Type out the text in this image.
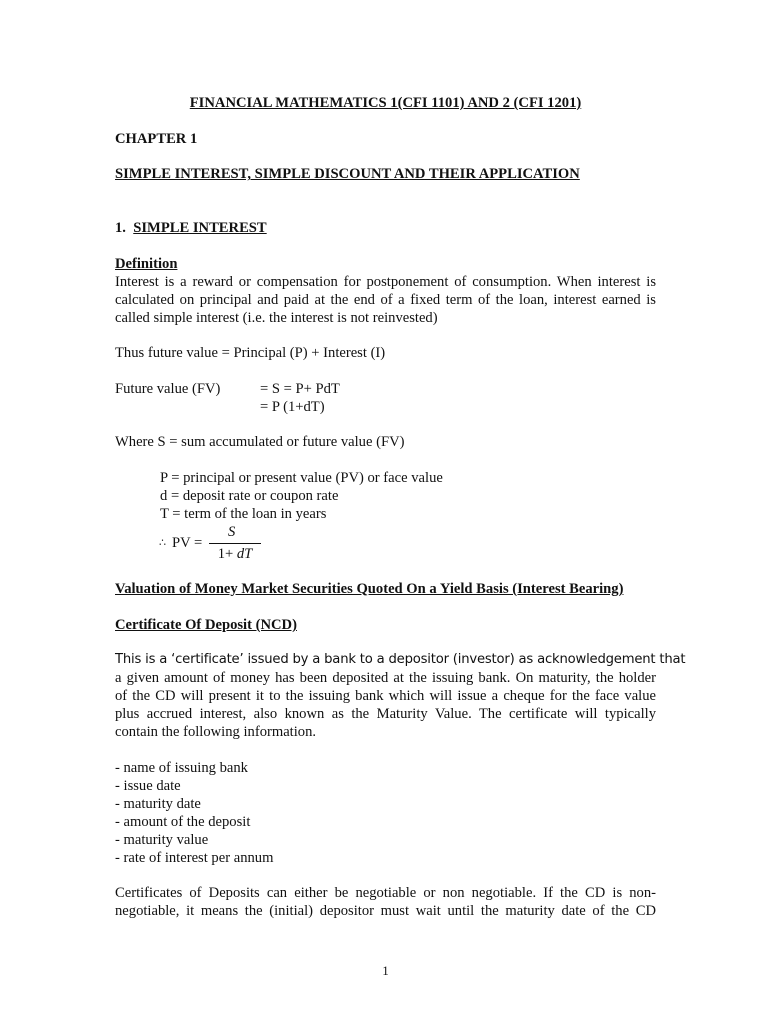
FINANCIAL MATHEMATICS 1(CFI 1101) AND 2 (CFI 1201)
CHAPTER 1
SIMPLE INTEREST, SIMPLE DISCOUNT AND THEIR APPLICATION
1. SIMPLE INTEREST
Definition
Interest is a reward or compensation for postponement of consumption. When interest is
calculated on principal and paid at the end of a fixed term of the loan, interest earned is
called simple interest (i.e. the interest is not reinvested)
Thus future value = Principal (P) + Interest (I)
Future value (FV)	= S = P+ PdT
= P (1+dT)
Where S = sum accumulated or future value (FV)
P = principal or present value (PV) or face value
d = deposit rate or coupon rate
T = term of the loan in years
∴ PV =
S
1+ dT
Valuation of Money Market Securities Quoted On a Yield Basis (Interest Bearing)
Certificate Of Deposit (NCD)
This is a ‘certificate’ issued by a bank to a depositor (investor) as acknowledgement that
a given amount of money has been deposited at the issuing bank. On maturity, the holder
of the CD will present it to the issuing bank which will issue a cheque for the face value
plus accrued interest, also known as the Maturity Value. The certificate will typically
contain the following information.
- name of issuing bank
- issue date
- maturity date
- amount of the deposit
- maturity value
- rate of interest per annum
Certificates of Deposits can either be negotiable or non negotiable. If the CD is non-
negotiable, it means the (initial) depositor must wait until the maturity date of the CD
1
